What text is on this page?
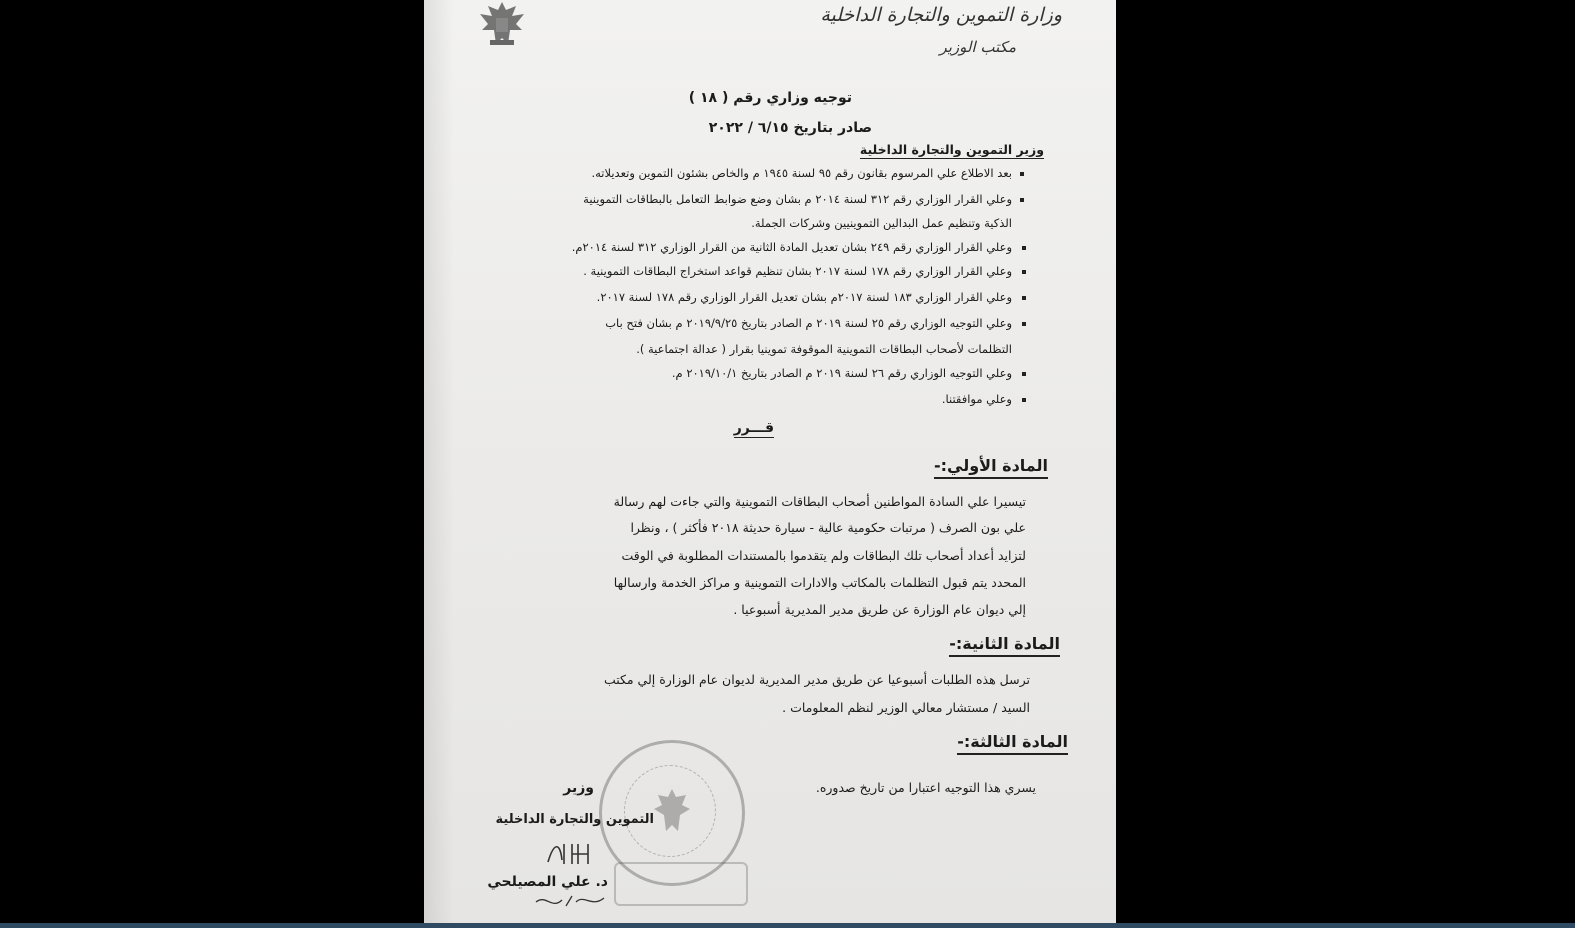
وزارة التموين والتجارة الداخلية
مكتب الوزير
توجيه وزاري رقم ( ١٨ )
صادر بتاريخ ٦/١٥ / ٢٠٢٢
وزير التموين والتجارة الداخلية
بعد الاطلاع علي المرسوم بقانون رقم ٩٥ لسنة ١٩٤٥ م والخاص بشئون التموين وتعديلاته.
وعلي القرار الوزاري رقم ٣١٢ لسنة ٢٠١٤ م بشان وضع ضوابط التعامل بالبطاقات التموينية
الذكية وتنظيم عمل البدالين التموينيين وشركات الجملة.
وعلي القرار الوزاري رقم ٢٤٩ بشان تعديل المادة الثانية من القرار الوزاري ٣١٢ لسنة ٢٠١٤م.
وعلي القرار الوزاري رقم ١٧٨ لسنة ٢٠١٧ بشان تنظيم قواعد استخراج البطاقات التموينية .
وعلي القرار الوزاري ١٨٣ لسنة ٢٠١٧م بشان تعديل القرار الوزاري رقم ١٧٨ لسنة ٢٠١٧.
وعلي التوجيه الوزاري رقم ٢٥ لسنة ٢٠١٩ م الصادر بتاريخ ٢٠١٩/٩/٢٥ م بشان فتح باب
التظلمات لأصحاب البطاقات التموينية الموقوفة تموينيا بقرار ( عدالة اجتماعية ).
وعلي التوجيه الوزاري رقم ٢٦ لسنة ٢٠١٩ م الصادر بتاريخ ٢٠١٩/١٠/١ م.
وعلي موافقتنا.
قـــرر
المادة الأولي:-
تيسيرا علي السادة المواطنين أصحاب البطاقات التموينية والتي جاءت لهم رسالة
علي بون الصرف ( مرتبات حكومية عالية - سيارة حديثة ٢٠١٨ فأكثر ) ، ونظرا
لتزايد أعداد أصحاب تلك البطاقات ولم يتقدموا بالمستندات المطلوبة في الوقت
المحدد يتم قبول التظلمات بالمكاتب والادارات التموينية و مراكز الخدمة وارسالها
إلي ديوان عام الوزارة عن طريق مدير المديرية أسبوعيا .
المادة الثانية:-
ترسل هذه الطلبات أسبوعيا عن طريق مدير المديرية لديوان عام الوزارة إلي مكتب
السيد / مستشار معالي الوزير لنظم المعلومات .
المادة الثالثة:-
يسري هذا التوجيه اعتبارا من تاريخ صدوره.
وزير
التموين والتجارة الداخلية
د. علي المصيلحي
